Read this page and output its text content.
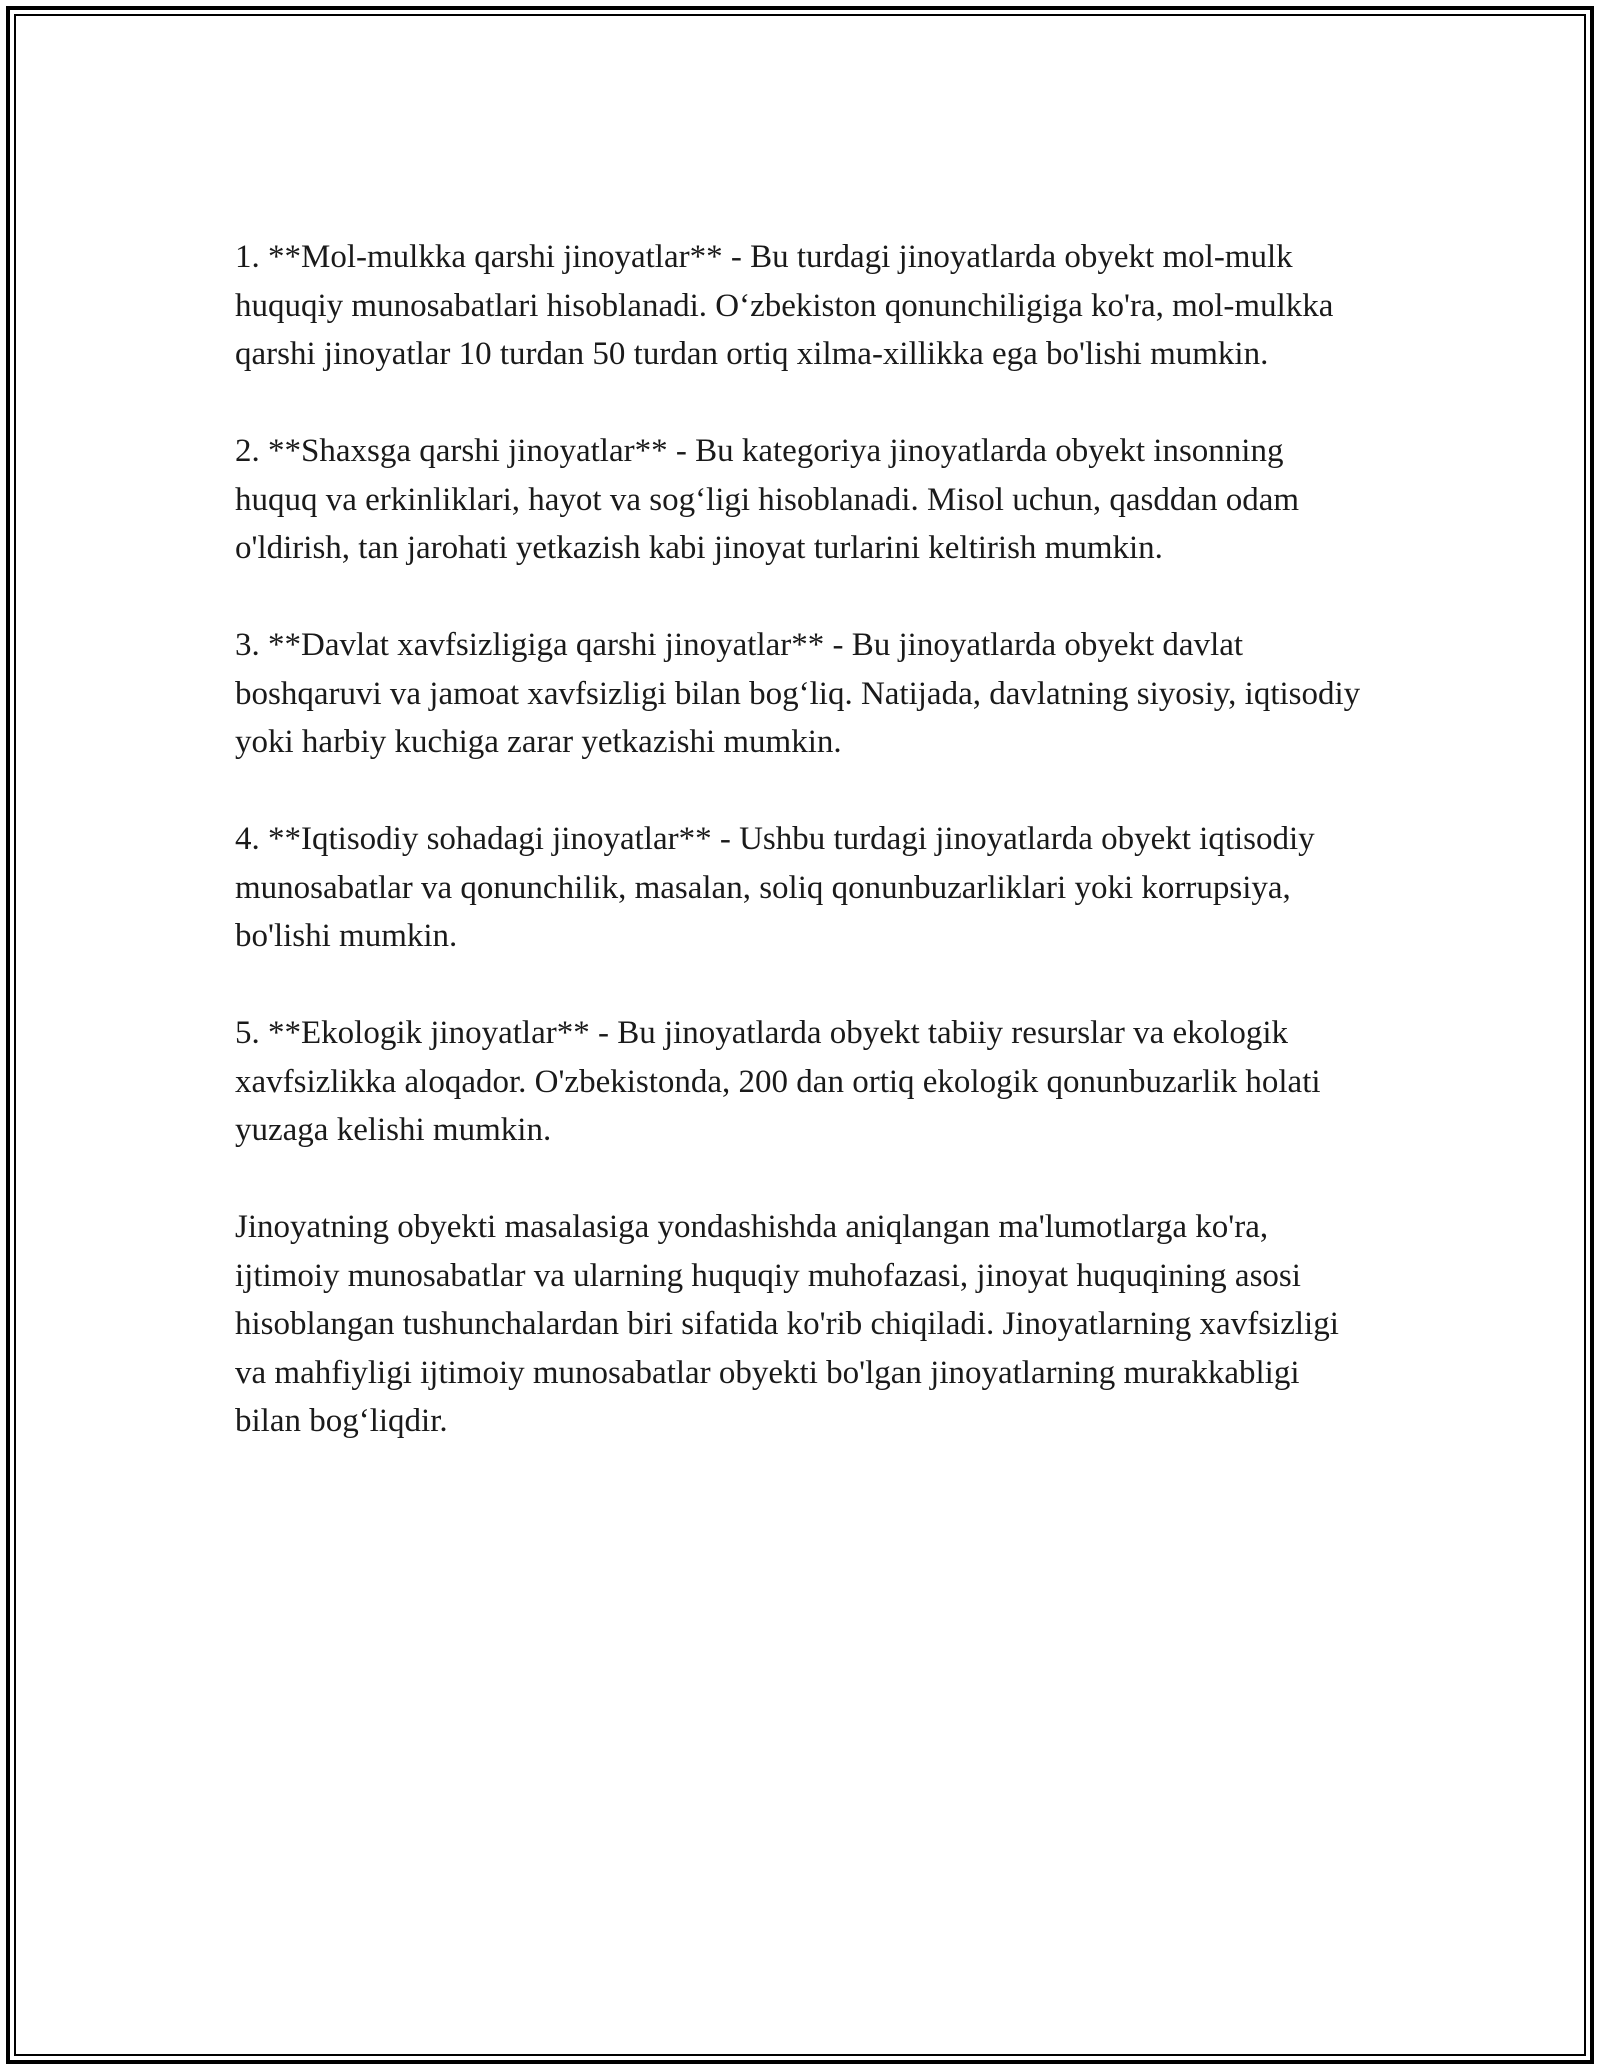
1. **Mol-mulkka qarshi jinoyatlar** - Bu turdagi jinoyatlarda obyekt mol-mulk huquqiy munosabatlari hisoblanadi. O‘zbekiston qonunchiligiga ko'ra, mol-mulkka qarshi jinoyatlar 10 turdan 50 turdan ortiq xilma-xillikka ega bo'lishi mumkin.

2. **Shaxsga qarshi jinoyatlar** - Bu kategoriya jinoyatlarda obyekt insonning huquq va erkinliklari, hayot va sog‘ligi hisoblanadi. Misol uchun, qasddan odam o'ldirish, tan jarohati yetkazish kabi jinoyat turlarini keltirish mumkin.

3. **Davlat xavfsizligiga qarshi jinoyatlar** - Bu jinoyatlarda obyekt davlat boshqaruvi va jamoat xavfsizligi bilan bog‘liq. Natijada, davlatning siyosiy, iqtisodiy yoki harbiy kuchiga zarar yetkazishi mumkin.

4. **Iqtisodiy sohadagi jinoyatlar** - Ushbu turdagi jinoyatlarda obyekt iqtisodiy munosabatlar va qonunchilik, masalan, soliq qonunbuzarliklari yoki korrupsiya, bo'lishi mumkin.

5. **Ekologik jinoyatlar** - Bu jinoyatlarda obyekt tabiiy resurslar va ekologik xavfsizlikka aloqador. O'zbekistonda, 200 dan ortiq ekologik qonunbuzarlik holati yuzaga kelishi mumkin.

Jinoyatning obyekti masalasiga yondashishda aniqlangan ma'lumotlarga ko'ra, ijtimoiy munosabatlar va ularning huquqiy muhofazasi, jinoyat huquqining asosi hisoblangan tushunchalardan biri sifatida ko'rib chiqiladi. Jinoyatlarning xavfsizligi va mahfiyligi ijtimoiy munosabatlar obyekti bo'lgan jinoyatlarning murakkabligi bilan bog‘liqdir.
